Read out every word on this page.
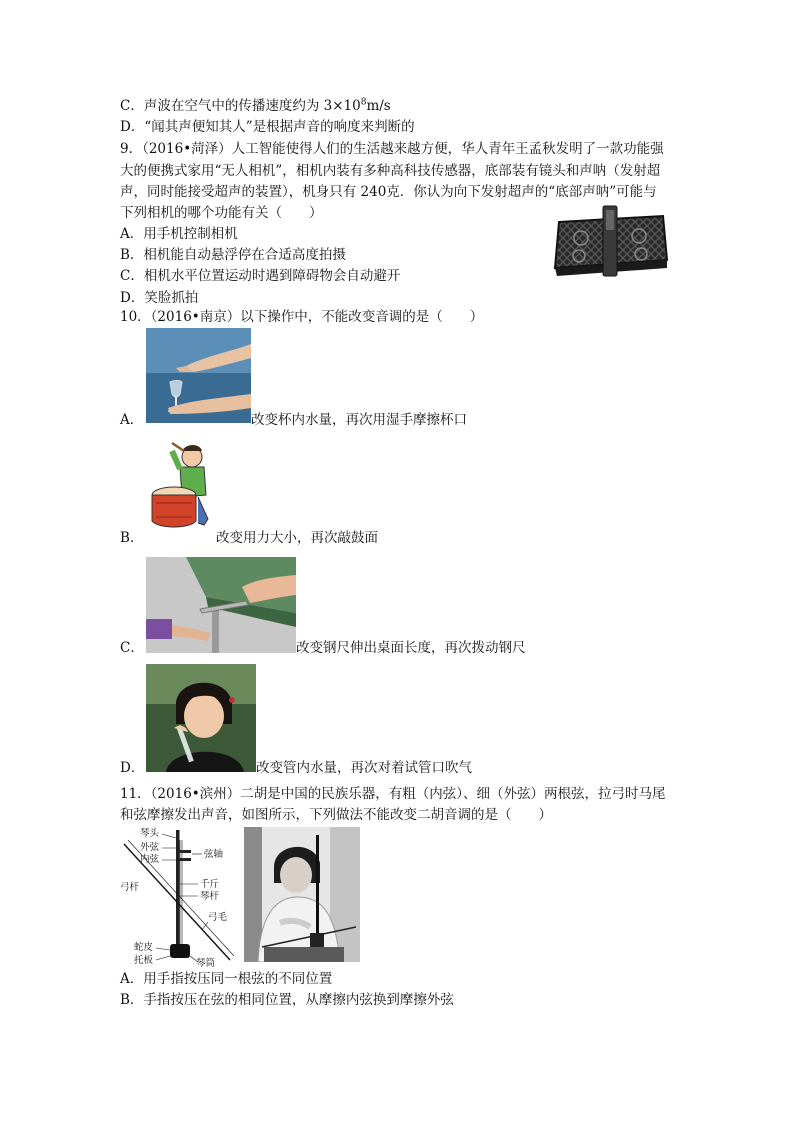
C．声波在空气中的传播速度约为 $3\times 10^8m/s$
D．“闻其声便知其人”是根据声音的响度来判断的
9．（2016•菏泽）人工智能使得人们的生活越来越方便，华人青年王孟秋发明了一款功能强
大的便携式家用“无人相机”，相机内装有多种高科技传感器，底部装有镜头和声呐（发射超
声，同时能接受超声的装置），机身只有 240克．你认为向下发射超声的“底部声呐”可能与
下列相机的哪个功能有关（　　）
A．用手机控制相机
B．相机能自动悬浮停在合适高度拍摄
C．相机水平位置运动时遇到障碍物会自动避开
D．笑脸抓拍
10．（2016•南京）以下操作中，不能改变音调的是（　　）
A．	改变杯内水量，再次用湿手摩擦杯口
B．	改变用力大小，再次敲鼓面
C．	改变钢尺伸出桌面长度，再次拨动钢尺
D．	改变管内水量，再次对着试管口吹气
11．（2016•滨州）二胡是中国的民族乐器，有粗（内弦）、细（外弦）两根弦，拉弓时马尾
和弦摩擦发出声音，如图所示，下列做法不能改变二胡音调的是（　　）
琴头
外弦
内弦	弦轴
弓杆	千斤
琴杆
弓毛
蛇皮
托板	琴筒
A．用手指按压同一根弦的不同位置
B．手指按压在弦的相同位置，从摩擦内弦换到摩擦外弦
